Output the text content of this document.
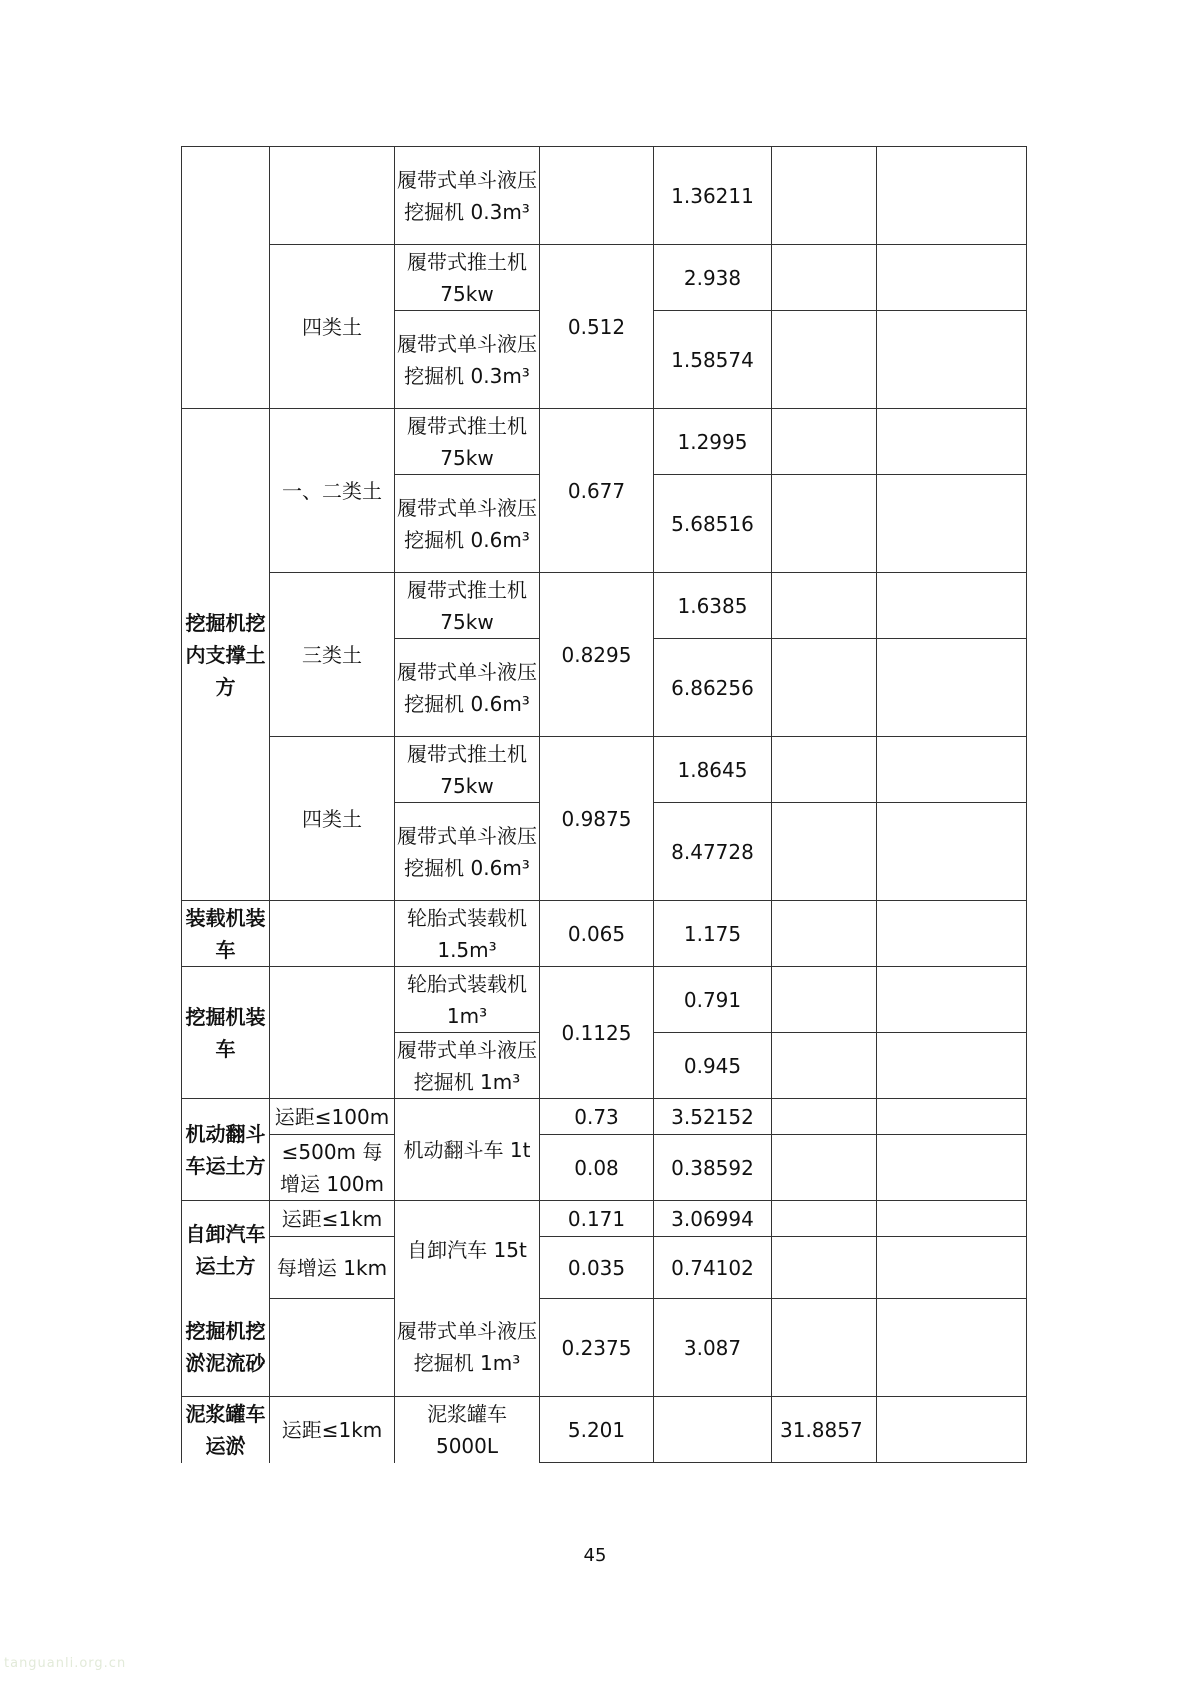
		履带式单斗液压挖掘机 0.3m³		1.36211		
	四类土	履带式推土机 75kw	0.512	2.938		
		履带式单斗液压挖掘机 0.3m³		1.58574		
挖掘机挖内支撑土方	一、二类土	履带式推土机 75kw	0.677	1.2995		
		履带式单斗液压挖掘机 0.6m³		5.68516		
	三类土	履带式推土机 75kw	0.8295	1.6385		
		履带式单斗液压挖掘机 0.6m³		6.86256		
	四类土	履带式推土机 75kw	0.9875	1.8645		
		履带式单斗液压挖掘机 0.6m³		8.47728		
装载机装车		轮胎式装载机 1.5m³	0.065	1.175		
挖掘机装车		轮胎式装载机 1m³	0.1125	0.791		
		履带式单斗液压挖掘机 1m³		0.945		
机动翻斗车运土方	运距≤100m	机动翻斗车 1t	0.73	3.52152		
	≤500m 每增运 100m		0.08	0.38592		
自卸汽车运土方	运距≤1km	自卸汽车 15t	0.171	3.06994		
	每增运 1km		0.035	0.74102		
挖掘机挖淤泥流砂		履带式单斗液压挖掘机 1m³	0.2375	3.087		
泥浆罐车运淤	运距≤1km	泥浆罐车 5000L	5.201		31.8857	
45
tanguanli.org.cn
